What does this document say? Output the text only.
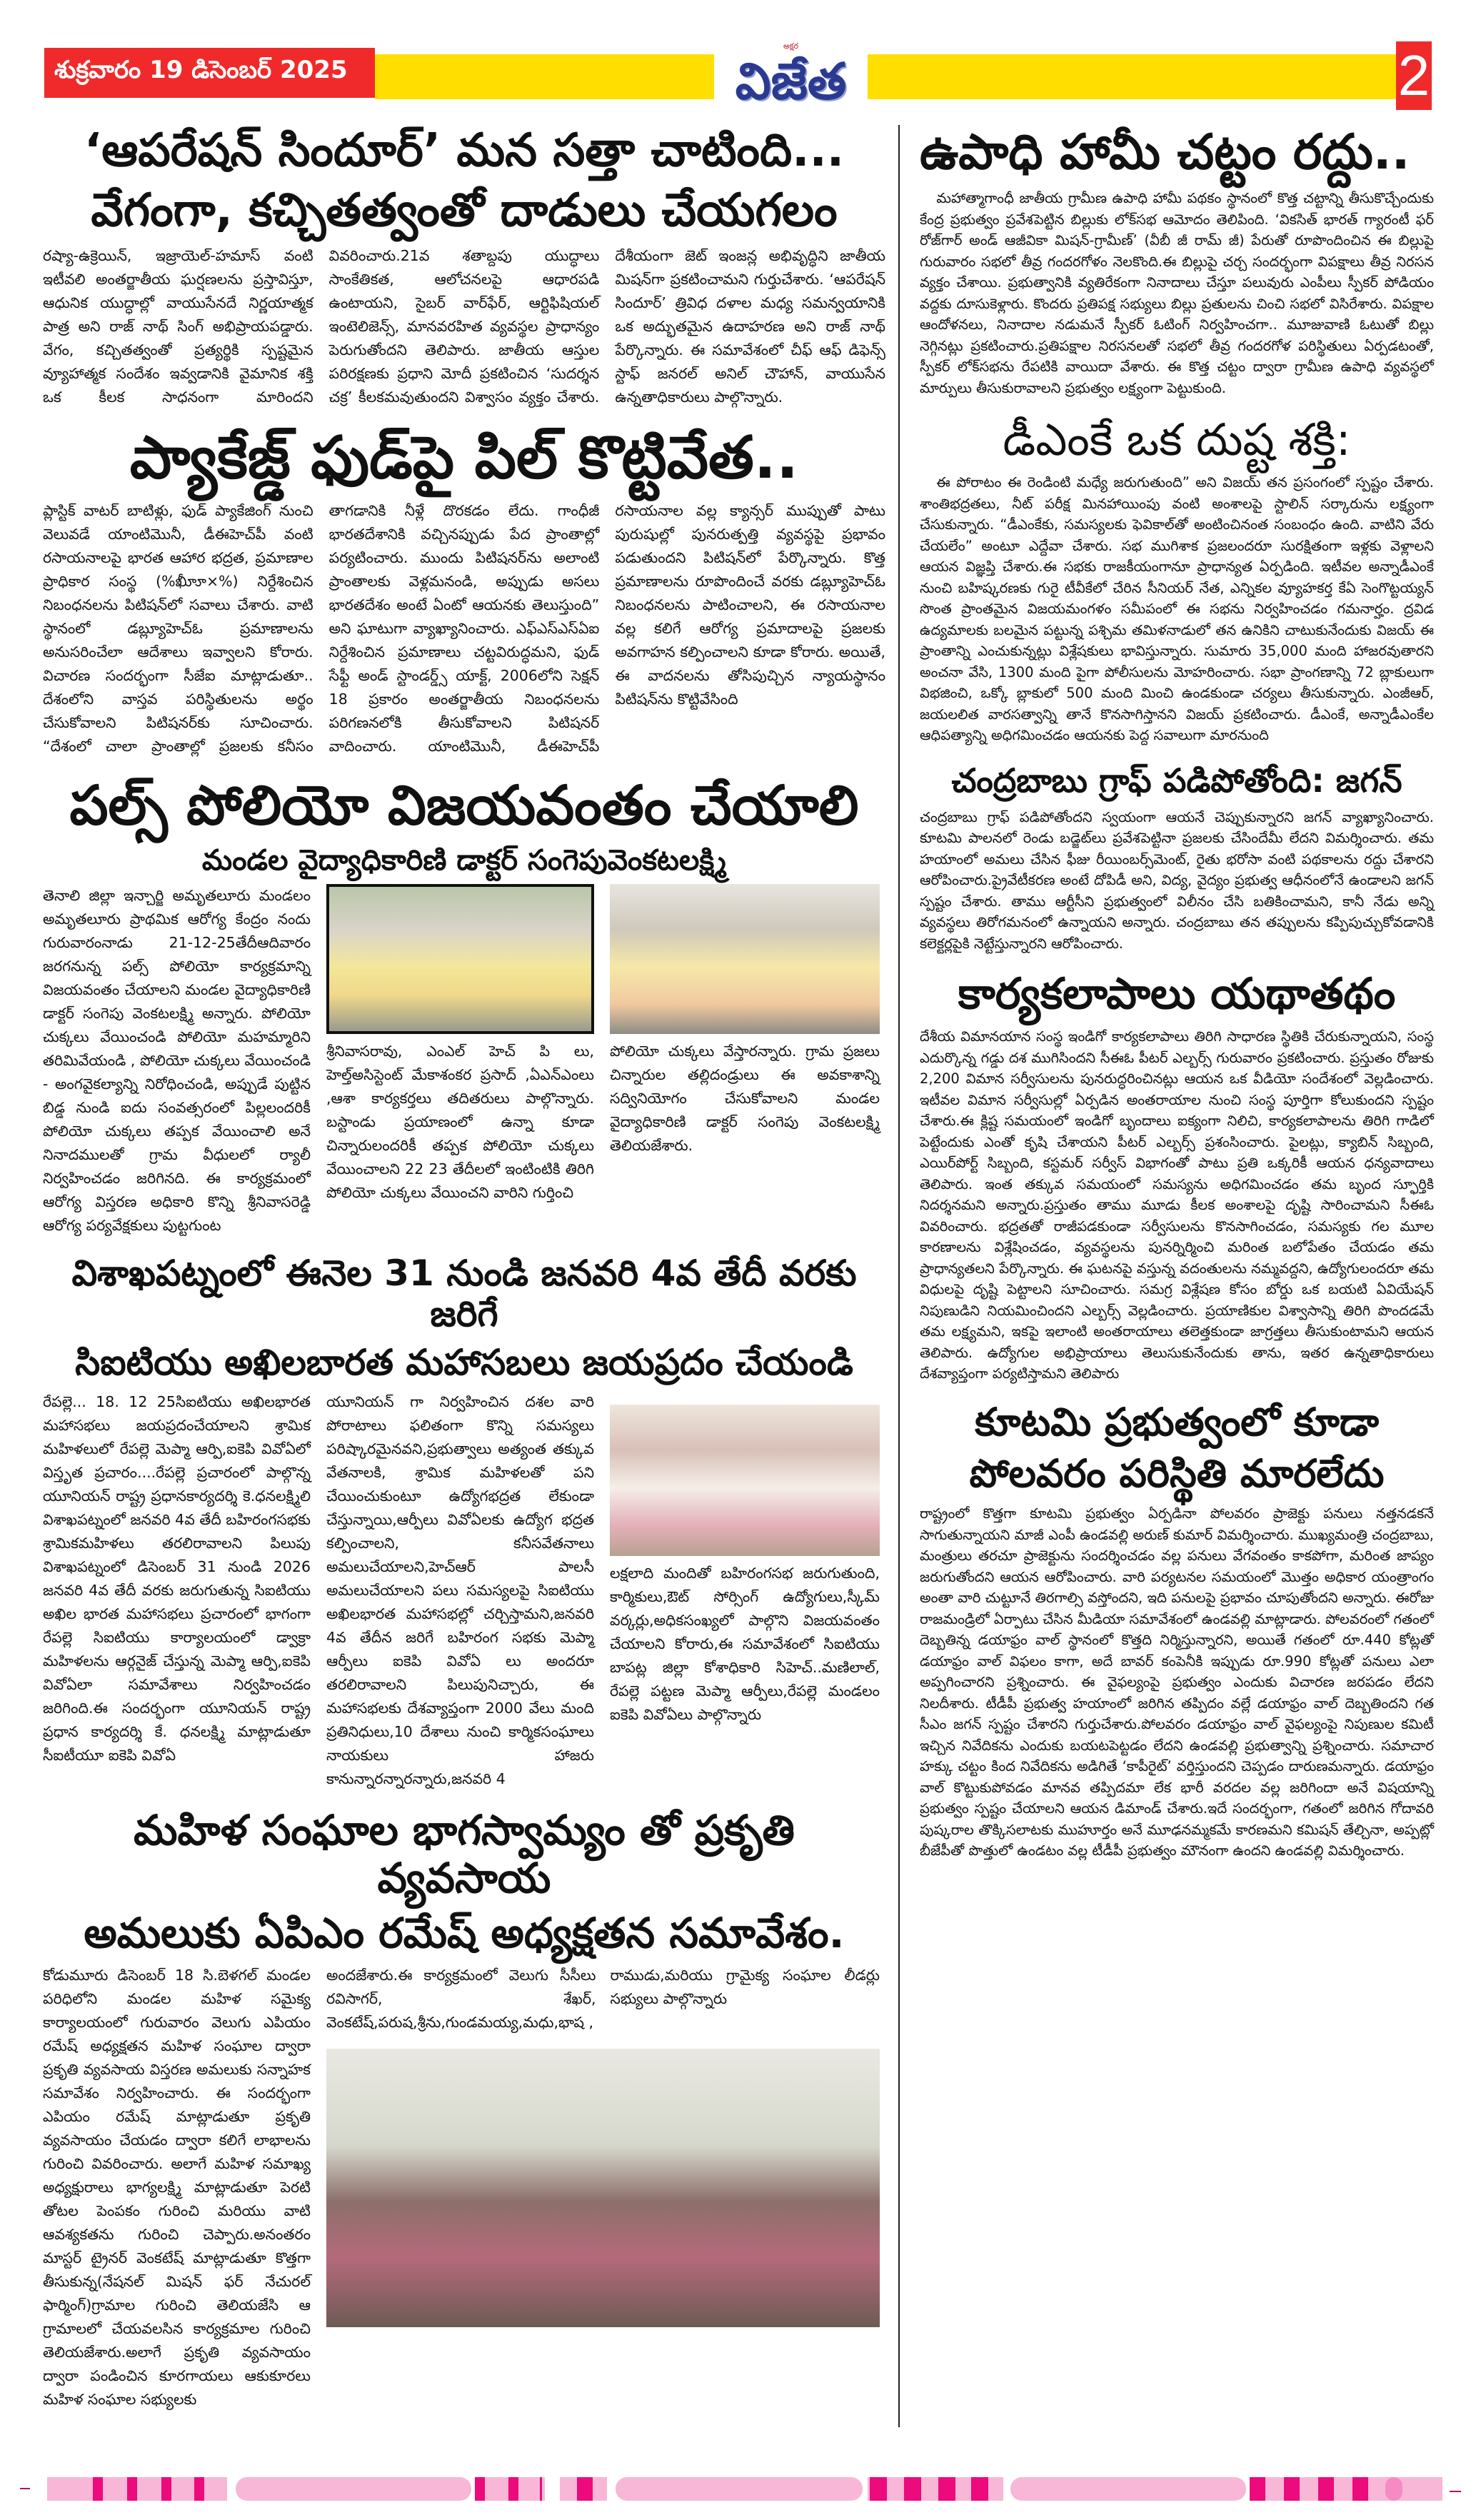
శుక్రవారం 19 డిసెంబర్ 2025
అక్షర
విజేత	2
‘ఆపరేషన్ సిందూర్’ మన సత్తా చాటింది...
వేగంగా, కచ్చితత్వంతో దాడులు చేయగలం
రష్యా-ఉక్రెయిన్, ఇజ్రాయెల్-హమాస్ వంటి ఇటీవలి అంతర్జాతీయ ఘర్షణలను ప్రస్తావిస్తూ, ఆధునిక యుద్ధాల్లో వాయుసేనదే నిర్ణయాత్మక పాత్ర అని రాజ్ నాథ్ సింగ్ అభిప్రాయపడ్డారు. వేగం, కచ్చితత్వంతో ప్రత్యర్థికి స్పష్టమైన వ్యూహాత్మక సందేశం ఇవ్వడానికి వైమానిక శక్తి ఒక కీలక సాధనంగా మారిందని వివరించారు.21వ శతాబ్దపు యుద్ధాలు సాంకేతికత, ఆలోచనలపై ఆధారపడి ఉంటాయని, సైబర్ వార్‌ఫేర్, ఆర్టిఫిషియల్ ఇంటెలిజెన్స్, మానవరహిత వ్యవస్థల ప్రాధాన్యం పెరుగుతోందని తెలిపారు. జాతీయ ఆస్తుల పరిరక్షణకు ప్రధాని మోదీ ప్రకటించిన ‘సుదర్శన చక్ర’ కీలకమవుతుందని విశ్వాసం వ్యక్తం చేశారు. దేశీయంగా జెట్ ఇంజన్ల అభివృద్ధిని జాతీయ మిషన్‌గా ప్రకటించామని గుర్తుచేశారు. ‘ఆపరేషన్ సిందూర్’ త్రివిధ దళాల మధ్య సమన్వయానికి ఒక అద్భుతమైన ఉదాహరణ అని రాజ్ నాథ్ పేర్కొన్నారు. ఈ సమావేశంలో చీఫ్ ఆఫ్ డిఫెన్స్ స్టాఫ్ జనరల్ అనిల్ చౌహాన్, వాయుసేన ఉన్నతాధికారులు పాల్గొన్నారు.
ప్యాకేజ్డ్ ఫుడ్‌పై పిల్ కొట్టివేత..
ప్లాస్టిక్ వాటర్ బాటిళ్లు, ఫుడ్ ప్యాకేజింగ్ నుంచి వెలువడే యాంటిమొనీ, డీఈహెచ్‌పీ వంటి రసాయనాలపై భారత ఆహార భద్రత, ప్రమాణాల ప్రాధికార సంస్థ (%ఖీూూ×%) నిర్దేశించిన నిబంధనలను పిటిషన్‌లో సవాలు చేశారు. వాటి స్థానంలో డబ్ల్యూహెచ్ఓ ప్రమాణాలను అనుసరించేలా ఆదేశాలు ఇవ్వాలని కోరారు. విచారణ సందర్భంగా సీజేఐ మాట్లాడుతూ.. దేశంలోని వాస్తవ పరిస్థితులను అర్థం చేసుకోవాలని పిటిషనర్‌కు సూచించారు. “దేశంలో చాలా ప్రాంతాల్లో ప్రజలకు కనీసం తాగడానికి నీళ్లే దొరకడం లేదు. గాంధీజీ భారతదేశానికి వచ్చినప్పుడు పేద ప్రాంతాల్లో పర్యటించారు. ముందు పిటిషనర్‌ను అలాంటి ప్రాంతాలకు వెళ్లమనండి, అప్పుడు అసలు భారతదేశం అంటే ఏంటో ఆయనకు తెలుస్తుంది” అని ఘాటుగా వ్యాఖ్యానించారు. ఎఫ్ఎస్ఎస్ఏఐ నిర్దేశించిన ప్రమాణాలు చట్టవిరుద్ధమని, ఫుడ్ సేఫ్టీ అండ్ స్టాండర్డ్స్ యాక్ట్, 2006లోని సెక్షన్ 18 ప్రకారం అంతర్జాతీయ నిబంధనలను పరిగణనలోకి తీసుకోవాలని పిటిషనర్ వాదించారు. యాంటిమొనీ, డీఈహెచ్‌పీ రసాయనాల వల్ల క్యాన్సర్ ముప్పుతో పాటు పురుషుల్లో పునరుత్పత్తి వ్యవస్థపై ప్రభావం పడుతుందని పిటిషన్‌లో పేర్కొన్నారు. కొత్త ప్రమాణాలను రూపొందించే వరకు డబ్ల్యూహెచ్ఓ నిబంధనలను పాటించాలని, ఈ రసాయనాల వల్ల కలిగే ఆరోగ్య ప్రమాదాలపై ప్రజలకు అవగాహన కల్పించాలని కూడా కోరారు. అయితే, ఈ వాదనలను తోసిపుచ్చిన న్యాయస్థానం పిటిషన్‌ను కొట్టివేసింది
పల్స్ పోలియో విజయవంతం చేయాలి
మండల వైద్యాధికారిణి డాక్టర్ సంగెపువెంకటలక్ష్మి
తెనాలి జిల్లా ఇన్చార్జి అమృతలూరు మండలం అమృతలూరు ప్రాథమిక ఆరోగ్య కేంద్రం నందు గురువారంనాడు 21-12-25తేదీఆదివారం జరగనున్న పల్స్ పోలియో కార్యక్రమాన్ని విజయవంతం చేయాలని మండల వైద్యాధికారిణి డాక్టర్ సంగెపు వెంకటలక్ష్మి అన్నారు. పోలియో చుక్కలు వేయించండి పోలియో మహమ్మారిని తరిమివేయండి , పోలియో చుక్కలు వేయించండి - అంగవైకల్యాన్ని నిరోధించండి, అప్పుడే పుట్టిన బిడ్డ నుండి ఐదు సంవత్సరంలో పిల్లలందరికీ పోలియో చుక్కలు తప్పక వేయించాలి అనే నినాదములతో గ్రామ వీధులలో ర్యాలీ నిర్వహించడం జరిగినది. ఈ కార్యక్రమంలో ఆరోగ్య విస్తరణ అధికారి కొన్ని శ్రీనివాసరెడ్డి ఆరోగ్య పర్యవేక్షకులు పుట్టగుంట
శ్రీనివాసరావు, ఎంఎల్ హెచ్ పి లు, హెల్త్అసిస్టెంట్ మేకాశంకర ప్రసాద్ ,ఏఎన్ఎంలు ,ఆశా కార్యకర్తలు తదితరులు పాల్గొన్నారు. బస్టాండు ప్రయాణంలో ఉన్నా కూడా చిన్నారులందరికీ తప్పక పోలియో చుక్కలు వేయించాలని 22 23 తేదీలలో ఇంటింటికి తిరిగి పోలియో చుక్కలు వేయించని వారిని గుర్తించి
పోలియో చుక్కలు వేస్తారన్నారు. గ్రామ ప్రజలు చిన్నారుల తల్లిదండ్రులు ఈ అవకాశాన్ని సద్వినియోగం చేసుకోవాలని మండల వైద్యాధికారిణి డాక్టర్ సంగెపు వెంకటలక్ష్మి తెలియజేశారు.
విశాఖపట్నంలో ఈనెల 31 నుండి జనవరి 4వ తేదీ వరకు జరిగే
సిఐటియు అఖిలబారత మహాసబలు జయప్రదం చేయండి
రేపల్లె... 18. 12 25సిఐటియు అఖిలభారత మహాసభలు జయప్రదంచేయాలని శ్రామిక మహిళలులో రేపల్లె మెప్మా ఆర్పి,ఐకెపి వివోఏలో విస్తృత ప్రచారం....రేపల్లె ప్రచారంలో పాల్గొన్న యూనియన్ రాష్ట్ర ప్రధానకార్యదర్శి కె.ధనలక్ష్మిలి విశాఖపట్నంలో జనవరి 4వ తేదీ బహిరంగసభకు శ్రామికమహిళలు తరలిరావాలని పిలుపు విశాఖపట్నంలో డిసెంబర్ 31 నుండి 2026 జనవరి 4వ తేదీ వరకు జరుగుతున్న సిఐటియు అఖిల భారత మహాసభలు ప్రచారంలో భాగంగా రేపల్లె సిఐటియు కార్యాలయంలో డ్వాక్రా మహిళలను ఆర్గనైజ్ చేస్తున్న మెప్మా ఆర్పి,ఐకెపి వివోఏలా సమావేశాలు నిర్వహించడం జరిగింది.ఈ సందర్భంగా యూనియన్ రాష్ట్ర ప్రధాన కార్యదర్శి కే. ధనలక్ష్మి మాట్లాడుతూ సీఐటీయూ ఐకెపి వివోఏ
యూనియన్ గా నిర్వహించిన దశల వారి పోరాటాలు ఫలితంగా కొన్ని సమస్యలు పరిష్కారమైనవని,ప్రభుత్వాలు అత్యంత తక్కువ వేతనాలకి, శ్రామిక మహిళలతో పని చేయించుకుంటూ ఉద్యోగభద్రత లేకుండా చేస్తున్నాయి,ఆర్పీలు వివోఏలకు ఉద్యోగ భద్రత కల్పించాలని, కనీసవేతనాలు అమలుచేయాలని,హెచ్ఆర్ పాలసీ అమలుచేయాలని పలు సమస్యలపై సిఐటియు అఖిలభారత మహాసభల్లో చర్చిస్తామని,జనవరి 4వ తేదీన జరిగే బహిరంగ సభకు మెప్మా ఆర్పీలు ఐకెపి వివోఏ లు అందరూ తరలిరావాలని పిలుపునిచ్చారు, ఈ మహాసభలకు దేశవ్యాప్తంగా 2000 వేలు మంది ప్రతినిధులు,10 దేశాలు నుంచి కార్మికసంఘాలు నాయకులు హాజరు కానున్నారన్నారన్నారు,జనవరి 4
లక్షలాది మందితో బహిరంగసభ జరుగుతుంది, కార్మికులు,ఔట్ సోర్సింగ్ ఉద్యోగులు,స్కీమ్ వర్కర్లు,అధికసంఖ్యలో పాల్గొని విజయవంతం చేయాలని కోరారు,ఈ సమావేశంలో సిఐటియు బాపట్ల జిల్లా కోశాధికారి సిహెచ్..మణిలాల్, రేపల్లె పట్టణ మెప్మా ఆర్పీలు,రేపల్లె మండలం ఐకెపి వివోఏలు పాల్గొన్నారు
మహిళ సంఘాల భాగస్వామ్యం తో ప్రకృతి వ్యవసాయ
అమలుకు ఏపిఎం రమేష్ అధ్యక్షతన సమావేశం.
కోడుమూరు డిసెంబర్ 18 సి.బెళగల్ మండల పరిధిలోని మండల మహిళ సమైక్య కార్యాలయంలో గురువారం వెలుగు ఎపియం రమేష్ అధ్యక్షతన మహిళ సంఘాల ద్వారా ప్రకృతి వ్యవసాయ విస్తరణ అమలుకు సన్నాహక సమావేశం నిర్వహించారు. ఈ సందర్భంగా ఎపియం రమేష్ మాట్లాడుతూ ప్రకృతి వ్యవసాయం చేయడం ద్వారా కలిగే లాభాలను గురించి వివరించారు. అలాగే మహిళ సమాఖ్య అధ్యక్షురాలు భాగ్యలక్ష్మి మాట్లాడుతూ పెరటి తోటల పెంపకం గురించి మరియు వాటి ఆవశ్యకతను గురించి చెప్పారు.అనంతరం మాస్టర్ ట్రైనర్ వెంకటేష్ మాట్లాడుతూ కొత్తగా తీసుకున్న(నేషనల్ మిషన్ ఫర్ నేచురల్ ఫార్మింగ్)గ్రామాల గురించి తెలియజేసి ఆ గ్రామాలలో చేయవలసిన కార్యక్రమాల గురించి తెలియజేశారు.అలాగే ప్రకృతి వ్యవసాయం ద్వారా పండించిన కూరగాయలు ఆకుకూరలు మహిళ సంఘాల సభ్యులకు
అందజేశారు.ఈ కార్యక్రమంలో వెలుగు సీసీలు రవిసాగర్, శేఖర్, వెంకటేష్,పరుష,శ్రీను,గుండమయ్య,మధు,భాష ,
రాముడు,మరియు గ్రామైక్య సంఘాల లీడర్లు సభ్యులు పాల్గొన్నారు
ఉపాధి హామీ చట్టం రద్దు..
మహాత్మాగాంధీ జాతీయ గ్రామీణ ఉపాధి హామీ పథకం స్థానంలో కొత్త చట్టాన్ని తీసుకొచ్చేందుకు కేంద్ర ప్రభుత్వం ప్రవేశపెట్టిన బిల్లుకు లోక్‌సభ ఆమోదం తెలిపింది. ‘వికసిత్ భారత్ గ్యారంటీ ఫర్ రోజ్‌గార్ అండ్ ఆజీవికా మిషన్-గ్రామీణ్’ (వీబీ జీ రామ్ జీ) పేరుతో రూపొందించిన ఈ బిల్లుపై గురువారం సభలో తీవ్ర గందరగోళం నెలకొంది.ఈ బిల్లుపై చర్చ సందర్భంగా విపక్షాలు తీవ్ర నిరసన వ్యక్తం చేశాయి. ప్రభుత్వానికి వ్యతిరేకంగా నినాదాలు చేస్తూ పలువురు ఎంపీలు స్పీకర్ పోడియం వద్దకు దూసుకెళ్లారు. కొందరు ప్రతిపక్ష సభ్యులు బిల్లు ప్రతులను చించి సభలో విసిరేశారు. విపక్షాల ఆందోళనలు, నినాదాల నడుమనే స్పీకర్ ఓటింగ్ నిర్వహించగా.. మూజువాణి ఓటుతో బిల్లు నెగ్గినట్లు ప్రకటించారు.ప్రతిపక్షాల నిరసనలతో సభలో తీవ్ర గందరగోళ పరిస్థితులు ఏర్పడటంతో, స్పీకర్ లోక్‌సభను రేపటికి వాయిదా వేశారు. ఈ కొత్త చట్టం ద్వారా గ్రామీణ ఉపాధి వ్యవస్థలో మార్పులు తీసుకురావాలని ప్రభుత్వం లక్ష్యంగా పెట్టుకుంది.
డీఎంకే ఒక దుష్ట శక్తి:
ఈ పోరాటం ఈ రెండింటి మధ్యే జరుగుతుంది” అని విజయ్ తన ప్రసంగంలో స్పష్టం చేశారు. శాంతిభద్రతలు, నీట్ పరీక్ష మినహాయింపు వంటి అంశాలపై స్టాలిన్ సర్కారును లక్ష్యంగా చేసుకున్నారు. “డీఎంకేకు, సమస్యలకు ఫెవికాల్‌తో అంటించినంత సంబంధం ఉంది. వాటిని వేరు చేయలేం” అంటూ ఎద్దేవా చేశారు. సభ ముగిశాక ప్రజలందరూ సురక్షితంగా ఇళ్లకు వెళ్లాలని ఆయన విజ్ఞప్తి చేశారు.ఈ సభకు రాజకీయంగానూ ప్రాధాన్యత ఏర్పడింది. ఇటీవల అన్నాడీఎంకే నుంచి బహిష్కరణకు గురై టీవీకేలో చేరిన సీనియర్ నేత, ఎన్నికల వ్యూహకర్త కేఏ సెంగొట్టయ్యన్ సొంత ప్రాంతమైన విజయమంగళం సమీపంలో ఈ సభను నిర్వహించడం గమనార్హం. ద్రవిడ ఉద్యమాలకు బలమైన పట్టున్న పశ్చిమ తమిళనాడులో తన ఉనికిని చాటుకునేందుకు విజయ్ ఈ ప్రాంతాన్ని ఎంచుకున్నట్లు విశ్లేషకులు భావిస్తున్నారు. సుమారు 35,000 మంది హాజరవుతారని అంచనా వేసి, 1300 మంది పైగా పోలీసులను మోహరించారు. సభా ప్రాంగణాన్ని 72 బ్లాకులుగా విభజించి, ఒక్కో బ్లాకులో 500 మంది మించి ఉండకుండా చర్యలు తీసుకున్నారు. ఎంజీఆర్, జయలలిత వారసత్వాన్ని తానే కొనసాగిస్తానని విజయ్ ప్రకటించారు. డీఎంకే, అన్నాడీఎంకేల ఆధిపత్యాన్ని అధిగమించడం ఆయనకు పెద్ద సవాలుగా మారనుంది
చంద్రబాబు గ్రాఫ్ పడిపోతోంది: జగన్
చంద్రబాబు గ్రాఫ్ పడిపోతోందని స్వయంగా ఆయనే చెప్పుకున్నారని జగన్ వ్యాఖ్యానించారు. కూటమి పాలనలో రెండు బడ్జెట్‌లు ప్రవేశపెట్టినా ప్రజలకు చేసిందేమీ లేదని విమర్శించారు. తమ హయాంలో అమలు చేసిన ఫీజు రీయింబర్స్‌మెంట్, రైతు భరోసా వంటి పథకాలను రద్దు చేశారని ఆరోపించారు.ప్రైవేటీకరణ అంటే దోపిడీ అని, విద్య, వైద్యం ప్రభుత్వ ఆధీనంలోనే ఉండాలని జగన్ స్పష్టం చేశారు. తాము ఆర్టీసీని ప్రభుత్వంలో విలీనం చేసి బతికించామని, కానీ నేడు అన్ని వ్యవస్థలు తిరోగమనంలో ఉన్నాయని అన్నారు. చంద్రబాబు తన తప్పులను కప్పిపుచ్చుకోవడానికి కలెక్టర్లపైకి నెట్టేస్తున్నారని ఆరోపించారు.
కార్యకలాపాలు యథాతథం
దేశీయ విమానయాన సంస్థ ఇండిగో కార్యకలాపాలు తిరిగి సాధారణ స్థితికి చేరుకున్నాయని, సంస్థ ఎదుర్కొన్న గడ్డు దశ ముగిసిందని సీఈఓ పీటర్ ఎల్బర్స్ గురువారం ప్రకటించారు. ప్రస్తుతం రోజుకు 2,200 విమాన సర్వీసులను పునరుద్ధరించినట్లు ఆయన ఒక వీడియో సందేశంలో వెల్లడించారు. ఇటీవల విమాన సర్వీసుల్లో ఏర్పడిన అంతరాయాల నుంచి సంస్థ పూర్తిగా కోలుకుందని స్పష్టం చేశారు.ఈ క్లిష్ట సమయంలో ఇండిగో బృందాలు ఐక్యంగా నిలిచి, కార్యకలాపాలను తిరిగి గాడిలో పెట్టేందుకు ఎంతో కృషి చేశాయని పీటర్ ఎల్బర్స్ ప్రశంసించారు. పైలట్లు, క్యాబిన్ సిబ్బంది, ఎయిర్‌పోర్ట్ సిబ్బంది, కస్టమర్ సర్వీస్ విభాగంతో పాటు ప్రతి ఒక్కరికీ ఆయన ధన్యవాదాలు తెలిపారు. ఇంత తక్కువ సమయంలో సమస్యను అధిగమించడం తమ బృంద స్ఫూర్తికి నిదర్శనమని అన్నారు.ప్రస్తుతం తాము మూడు కీలక అంశాలపై దృష్టి సారించామని సీఈఓ వివరించారు. భద్రతతో రాజీపడకుండా సర్వీసులను కొనసాగించడం, సమస్యకు గల మూల కారణాలను విశ్లేషించడం, వ్యవస్థలను పునర్నిర్మించి మరింత బలోపేతం చేయడం తమ ప్రాధాన్యతలని పేర్కొన్నారు. ఈ ఘటనపై వస్తున్న వదంతులను నమ్మవద్దని, ఉద్యోగులందరూ తమ విధులపై దృష్టి పెట్టాలని సూచించారు. సమగ్ర విశ్లేషణ కోసం బోర్డు ఒక బయటి ఏవియేషన్ నిపుణుడిని నియమించిందని ఎల్బర్స్ వెల్లడించారు. ప్రయాణికుల విశ్వాసాన్ని తిరిగి పొందడమే తమ లక్ష్యమని, ఇకపై ఇలాంటి అంతరాయాలు తలెత్తకుండా జాగ్రత్తలు తీసుకుంటామని ఆయన తెలిపారు. ఉద్యోగుల అభిప్రాయాలు తెలుసుకునేందుకు తాను, ఇతర ఉన్నతాధికారులు దేశవ్యాప్తంగా పర్యటిస్తామని తెలిపారు
కూటమి ప్రభుత్వంలో కూడా
పోలవరం పరిస్థితి మారలేదు
రాష్ట్రంలో కొత్తగా కూటమి ప్రభుత్వం ఏర్పడినా పోలవరం ప్రాజెక్టు పనులు నత్తనడకనే సాగుతున్నాయని మాజీ ఎంపీ ఉండవల్లి అరుణ్ కుమార్ విమర్శించారు. ముఖ్యమంత్రి చంద్రబాబు, మంత్రులు తరచూ ప్రాజెక్టును సందర్శించడం వల్ల పనులు వేగవంతం కాకపోగా, మరింత జాప్యం జరుగుతోందని ఆయన ఆరోపించారు. వారి పర్యటనల సమయంలో మొత్తం అధికార యంత్రాంగం అంతా వారి చుట్టూనే తిరగాల్సి వస్తోందని, ఇది పనులపై ప్రభావం చూపుతోందని అన్నారు. ఈరోజు రాజమండ్రిలో ఏర్పాటు చేసిన మీడియా సమావేశంలో ఉండవల్లి మాట్లాడారు. పోలవరంలో గతంలో దెబ్బతిన్న డయాఫ్రం వాల్ స్థానంలో కొత్తది నిర్మిస్తున్నారని, అయితే గతంలో రూ.440 కోట్లతో డయాఫ్రం వాల్ విఫలం కాగా, అదే బావర్ కంపెనీకి ఇప్పుడు రూ.990 కోట్లతో పనులు ఎలా అప్పగించారని ప్రశ్నించారు. ఈ వైఫల్యంపై ప్రభుత్వం ఎందుకు విచారణ జరపడం లేదని నిలదీశారు. టీడీపీ ప్రభుత్వ హయాంలో జరిగిన తప్పిదం వల్లే డయాఫ్రం వాల్ దెబ్బతిందని గత సీఎం జగన్ స్పష్టం చేశారని గుర్తుచేశారు.పోలవరం డయాఫ్రం వాల్ వైఫల్యంపై నిపుణుల కమిటీ ఇచ్చిన నివేదికను ఎందుకు బయటపెట్టడం లేదని ఉండవల్లి ప్రభుత్వాన్ని ప్రశ్నించారు. సమాచార హక్కు చట్టం కింద నివేదికను అడిగితే ‘కాపీరైట్’ వర్తిస్తుందని చెప్పడం దారుణమన్నారు. డయాఫ్రం వాల్ కొట్టుకుపోవడం మానవ తప్పిదమా లేక భారీ వరదల వల్ల జరిగిందా అనే విషయాన్ని ప్రభుత్వం స్పష్టం చేయాలని ఆయన డిమాండ్ చేశారు.ఇదే సందర్భంగా, గతంలో జరిగిన గోదావరి పుష్కరాల తొక్కిసలాటకు ముహూర్తం అనే మూఢనమ్మకమే కారణమని కమిషన్ తేల్చినా, అప్పట్లో బీజేపీతో పొత్తులో ఉండటం వల్ల టీడీపీ ప్రభుత్వం మౌనంగా ఉందని ఉండవల్లి విమర్శించారు.
